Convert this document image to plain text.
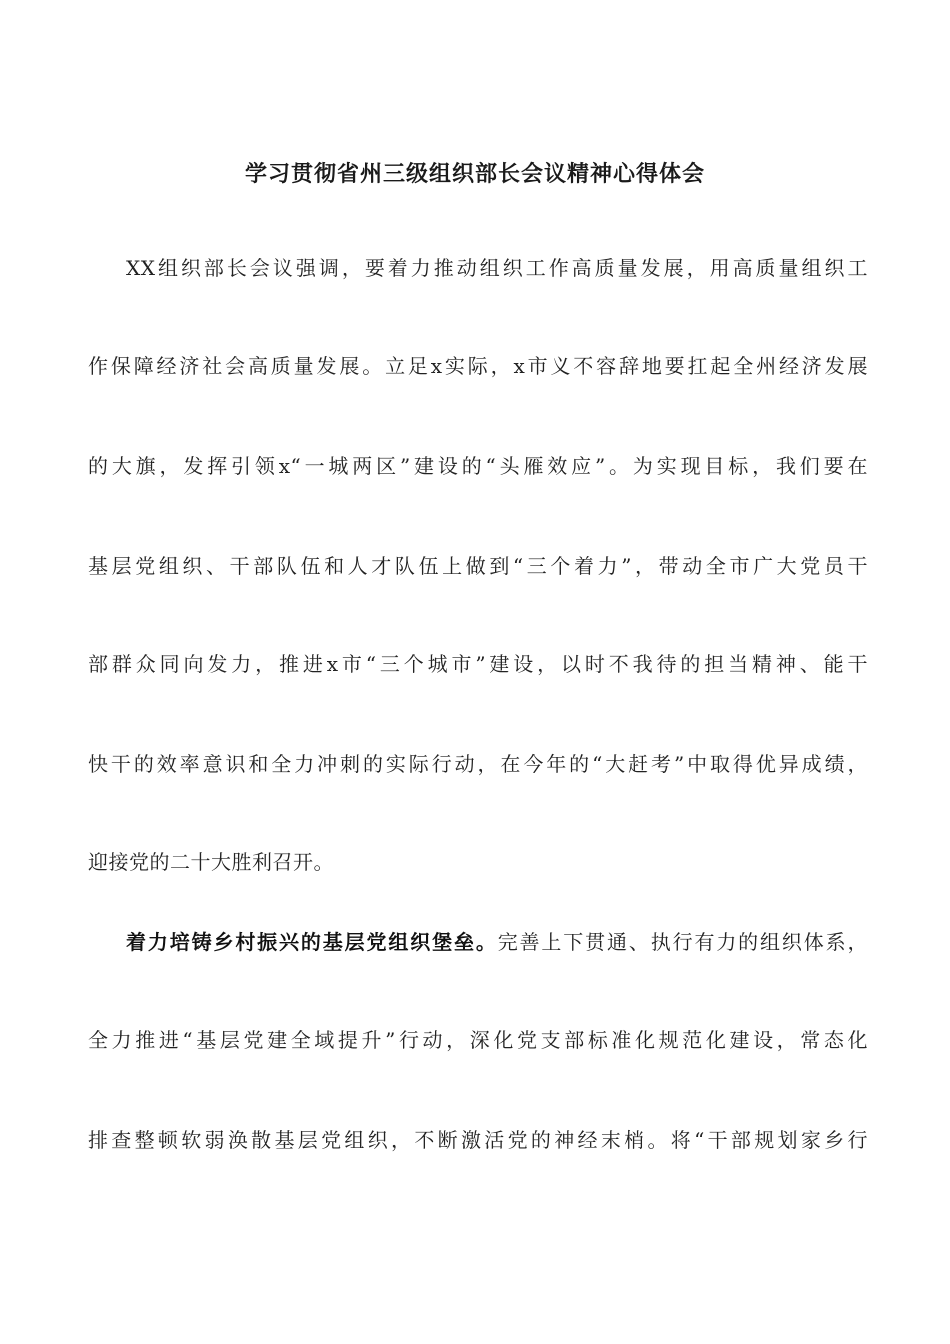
学习贯彻省州三级组织部长会议精神心得体会
XX组织部长会议强调，要着力推动组织工作高质量发展，用高质量组织工
作保障经济社会高质量发展。立足x实际，x市义不容辞地要扛起全州经济发展
的大旗，发挥引领x“一城两区”建设的“头雁效应”。为实现目标，我们要在
基层党组织、干部队伍和人才队伍上做到“三个着力”，带动全市广大党员干
部群众同向发力，推进x市“三个城市”建设，以时不我待的担当精神、能干
快干的效率意识和全力冲刺的实际行动，在今年的“大赶考”中取得优异成绩，
迎接党的二十大胜利召开。
着力培铸乡村振兴的基层党组织堡垒。完善上下贯通、执行有力的组织体系，
全力推进“基层党建全域提升”行动，深化党支部标准化规范化建设，常态化
排查整顿软弱涣散基层党组织，不断激活党的神经末梢。将“干部规划家乡行
